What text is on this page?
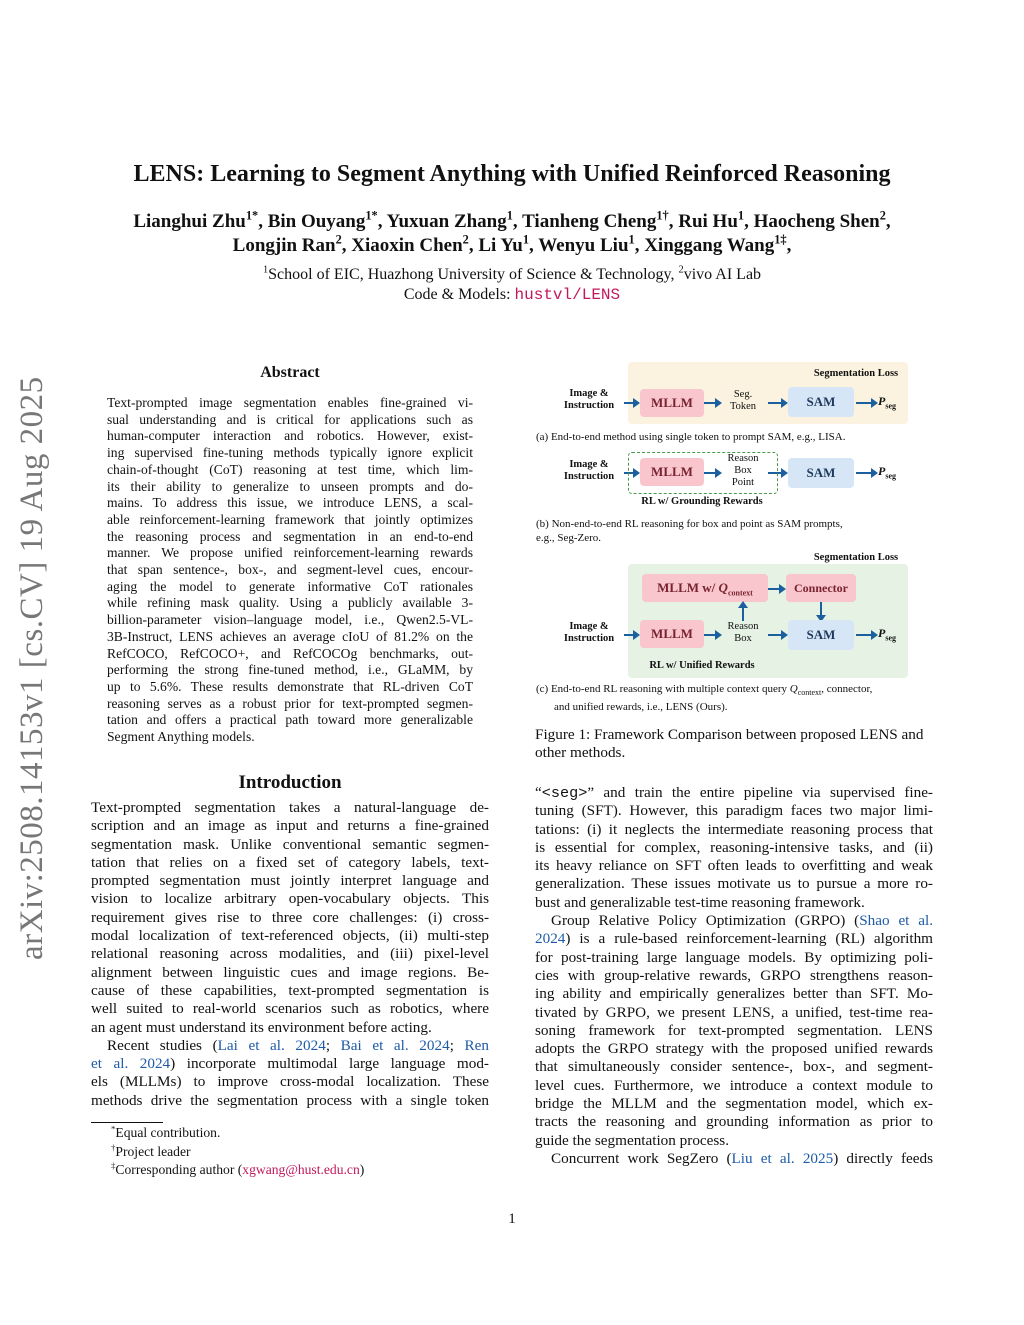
arXiv:2508.14153v1 [cs.CV] 19 Aug 2025
LENS: Learning to Segment Anything with Unified Reinforced Reasoning
Lianghui Zhu$^{1*}$, Bin Ouyang$^{1*}$, Yuxuan Zhang$^1$, Tianheng Cheng$^{1\dagger}$, Rui Hu$^1$, Haocheng Shen$^2$,
Longjin Ran$^2$, Xiaoxin Chen$^2$, Li Yu$^1$, Wenyu Liu$^1$, Xinggang Wang$^{1\ddagger}$,
$^1$School of EIC, Huazhong University of Science & Technology, $^2$vivo AI Lab
Code & Models: hustvl/LENS
Abstract
Text-prompted image segmentation enables fine-grained vi-
sual understanding and is critical for applications such as
human-computer interaction and robotics. However, exist-
ing supervised fine-tuning methods typically ignore explicit
chain-of-thought (CoT) reasoning at test time, which lim-
its their ability to generalize to unseen prompts and do-
mains. To address this issue, we introduce LENS, a scal-
able reinforcement-learning framework that jointly optimizes
the reasoning process and segmentation in an end-to-end
manner. We propose unified reinforcement-learning rewards
that span sentence-, box-, and segment-level cues, encour-
aging the model to generate informative CoT rationales
while refining mask quality. Using a publicly available 3-
billion-parameter vision–language model, i.e., Qwen2.5-VL-
3B-Instruct, LENS achieves an average cIoU of 81.2% on the
RefCOCO, RefCOCO+, and RefCOCOg benchmarks, out-
performing the strong fine-tuned method, i.e., GLaMM, by
up to 5.6%. These results demonstrate that RL-driven CoT
reasoning serves as a robust prior for text-prompted segmen-
tation and offers a practical path toward more generalizable
Segment Anything models.
Introduction
Text-prompted segmentation takes a natural-language de-
scription and an image as input and returns a fine-grained
segmentation mask. Unlike conventional semantic segmen-
tation that relies on a fixed set of category labels, text-
prompted segmentation must jointly interpret language and
vision to localize arbitrary open-vocabulary objects. This
requirement gives rise to three core challenges: (i) cross-
modal localization of text-referenced objects, (ii) multi-step
relational reasoning across modalities, and (iii) pixel-level
alignment between linguistic cues and image regions. Be-
cause of these capabilities, text-prompted segmentation is
well suited to real-world scenarios such as robotics, where
an agent must understand its environment before acting.
Recent studies (Lai et al. 2024; Bai et al. 2024; Ren
et al. 2024) incorporate multimodal large language mod-
els (MLLMs) to improve cross-modal localization. These
methods drive the segmentation process with a single token
*Equal contribution.
†Project leader
‡Corresponding author (xgwang@hust.edu.cn)
Segmentation Loss
Image &
Instruction	MLLM
Seg.
Token	SAM	$P_{seg}$
(a) End-to-end method using single token to prompt SAM, e.g., LISA.
Image &
Instruction	MLLM
Reason
Box
Point
SAM	$P_{seg}$
RL w/ Grounding Rewards
(b) Non-end-to-end RL reasoning for box and point as SAM prompts,
e.g., Seg-Zero.
Segmentation Loss
MLLM w/ $Q_{context}$	Connector
Image &
Instruction	MLLM	Reason
Box	SAM	$P_{seg}$
RL w/ Unified Rewards
(c) End-to-end RL reasoning with multiple context query $Q_{context}$, connector,
and unified rewards, i.e., LENS (Ours).
Figure 1: Framework Comparison between proposed LENS and other methods.
“<seg>” and train the entire pipeline via supervised fine-
tuning (SFT). However, this paradigm faces two major limi-
tations: (i) it neglects the intermediate reasoning process that
is essential for complex, reasoning-intensive tasks, and (ii)
its heavy reliance on SFT often leads to overfitting and weak
generalization. These issues motivate us to pursue a more ro-
bust and generalizable test-time reasoning framework.
Group Relative Policy Optimization (GRPO) (Shao et al.
2024) is a rule-based reinforcement-learning (RL) algorithm
for post-training large language models. By optimizing poli-
cies with group-relative rewards, GRPO strengthens reason-
ing ability and empirically generalizes better than SFT. Mo-
tivated by GRPO, we present LENS, a unified, test-time rea-
soning framework for text-prompted segmentation. LENS
adopts the GRPO strategy with the proposed unified rewards
that simultaneously consider sentence-, box-, and segment-
level cues. Furthermore, we introduce a context module to
bridge the MLLM and the segmentation model, which ex-
tracts the reasoning and grounding information as prior to
guide the segmentation process.
Concurrent work SegZero (Liu et al. 2025) directly feeds
1
